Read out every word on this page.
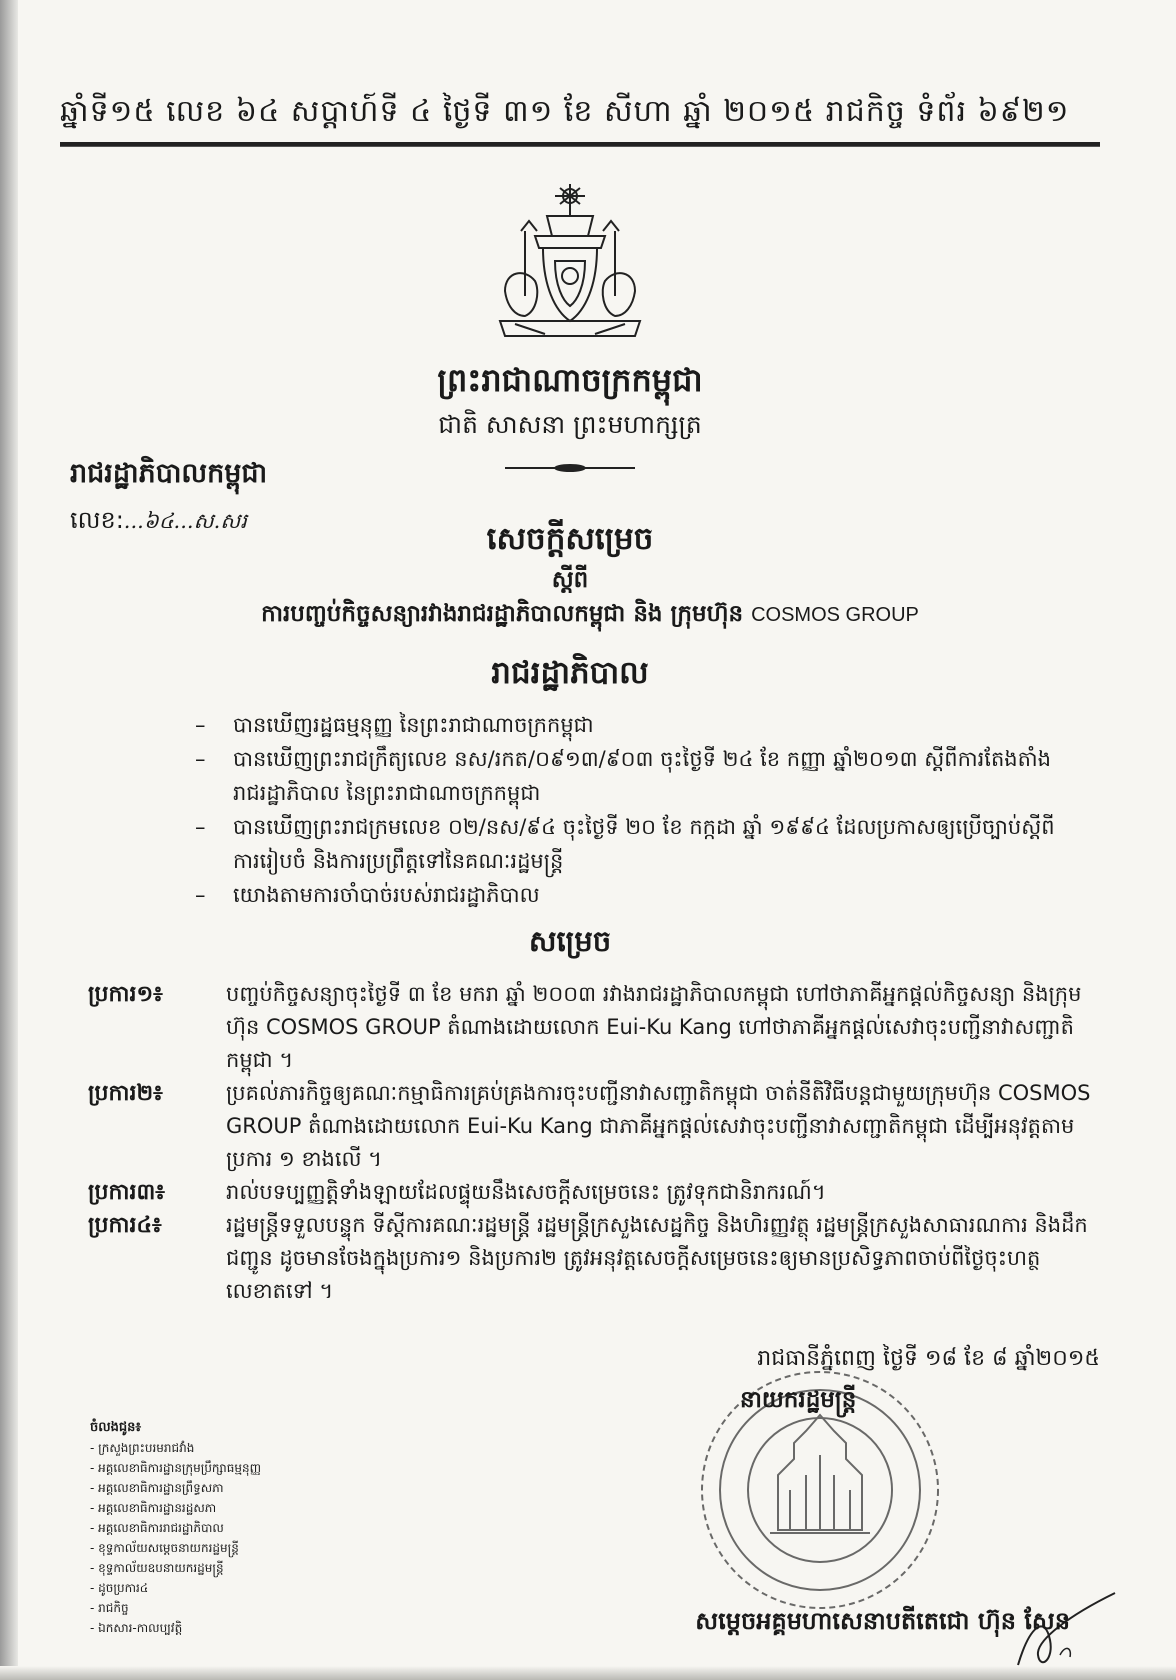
ឆ្នាំទី១៥ លេខ ៦៤ សប្តាហ៍ទី ៤ ថ្ងៃទី ៣១ ខែ សីហា ឆ្នាំ ២០១៥ រាជកិច្ច ទំព័រ ៦៩២១
ព្រះរាជាណាចក្រកម្ពុជា
ជាតិ សាសនា ព្រះមហាក្សត្រ
រាជរដ្ឋាភិបាលកម្ពុជា
លេខ:...៦៤...ស.សរ	សេចក្តីសម្រេច
ស្តីពី
ការបញ្ចប់កិច្ចសន្យារវាងរាជរដ្ឋាភិបាលកម្ពុជា និង ក្រុមហ៊ុន COSMOS GROUP
រាជរដ្ឋាភិបាល
– បានឃើញរដ្ឋធម្មនុញ្ញ នៃព្រះរាជាណាចក្រកម្ពុជា
– បានឃើញព្រះរាជក្រឹត្យលេខ នស/រកត/០៩១៣/៩០៣ ចុះថ្ងៃទី ២៤ ខែ កញ្ញា ឆ្នាំ២០១៣ ស្តីពីការតែងតាំងរាជរដ្ឋាភិបាល នៃព្រះរាជាណាចក្រកម្ពុជា
– បានឃើញព្រះរាជក្រមលេខ ០២/នស/៩៤ ចុះថ្ងៃទី ២០ ខែ កក្កដា ឆ្នាំ ១៩៩៤ ដែលប្រកាសឲ្យប្រើច្បាប់ស្តីពីការរៀបចំ និងការប្រព្រឹត្តទៅនៃគណៈរដ្ឋមន្ត្រី
– យោងតាមការចាំបាច់របស់រាជរដ្ឋាភិបាល
សម្រេច
ប្រការ១៖	បញ្ចប់កិច្ចសន្យាចុះថ្ងៃទី ៣ ខែ មករា ឆ្នាំ ២០០៣ រវាងរាជរដ្ឋាភិបាលកម្ពុជា ហៅថាភាគីអ្នកផ្តល់កិច្ចសន្យា និងក្រុមហ៊ុន COSMOS GROUP តំណាងដោយលោក Eui-Ku Kang ហៅថាភាគីអ្នកផ្តល់សេវាចុះបញ្ជីនាវាសញ្ជាតិកម្ពុជា ។
ប្រការ២៖	ប្រគល់ភារកិច្ចឲ្យគណៈកម្មាធិការគ្រប់គ្រងការចុះបញ្ជីនាវាសញ្ជាតិកម្ពុជា ចាត់នីតិវិធីបន្តជាមួយក្រុមហ៊ុន COSMOS GROUP តំណាងដោយលោក Eui-Ku Kang ជាភាគីអ្នកផ្តល់សេវាចុះបញ្ជីនាវាសញ្ជាតិកម្ពុជា ដើម្បីអនុវត្តតាមប្រការ ១ ខាងលើ ។
ប្រការ៣៖	រាល់បទប្បញ្ញត្តិទាំងឡាយដែលផ្ទុយនឹងសេចក្តីសម្រេចនេះ ត្រូវទុកជានិរាករណ៍។
ប្រការ៤៖	រដ្ឋមន្ត្រីទទួលបន្ទុក ទីស្តីការគណៈរដ្ឋមន្ត្រី រដ្ឋមន្ត្រីក្រសួងសេដ្ឋកិច្ច និងហិរញ្ញវត្ថុ រដ្ឋមន្ត្រីក្រសួងសាធារណការ និងដឹកជញ្ជូន ដូចមានចែងក្នុងប្រការ១ និងប្រការ២ ត្រូវអនុវត្តសេចក្តីសម្រេចនេះឲ្យមានប្រសិទ្ធភាពចាប់ពីថ្ងៃចុះហត្ថលេខាតទៅ ។
រាជធានីភ្នំពេញ ថ្ងៃទី ១៨ ខែ ៨ ឆ្នាំ២០១៥
នាយករដ្ឋមន្ត្រី
ចំលងជូន៖
- ក្រសួងព្រះបរមរាជវាំង
- អគ្គលេខាធិការដ្ឋានក្រុមប្រឹក្សាធម្មនុញ្ញ
- អគ្គលេខាធិការដ្ឋានព្រឹទ្ធសភា
- អគ្គលេខាធិការដ្ឋានរដ្ឋសភា
- អគ្គលេខាធិការរាជរដ្ឋាភិបាល
- ខុទ្ទកាល័យសម្តេចនាយករដ្ឋមន្ត្រី
- ខុទ្ទកាល័យឧបនាយករដ្ឋមន្ត្រី
- ដូចប្រការ៤
- រាជកិច្ច
- ឯកសារ-កាលប្បវត្តិ	សម្តេចអគ្គមហាសេនាបតីតេជោ ហ៊ុន សែន
